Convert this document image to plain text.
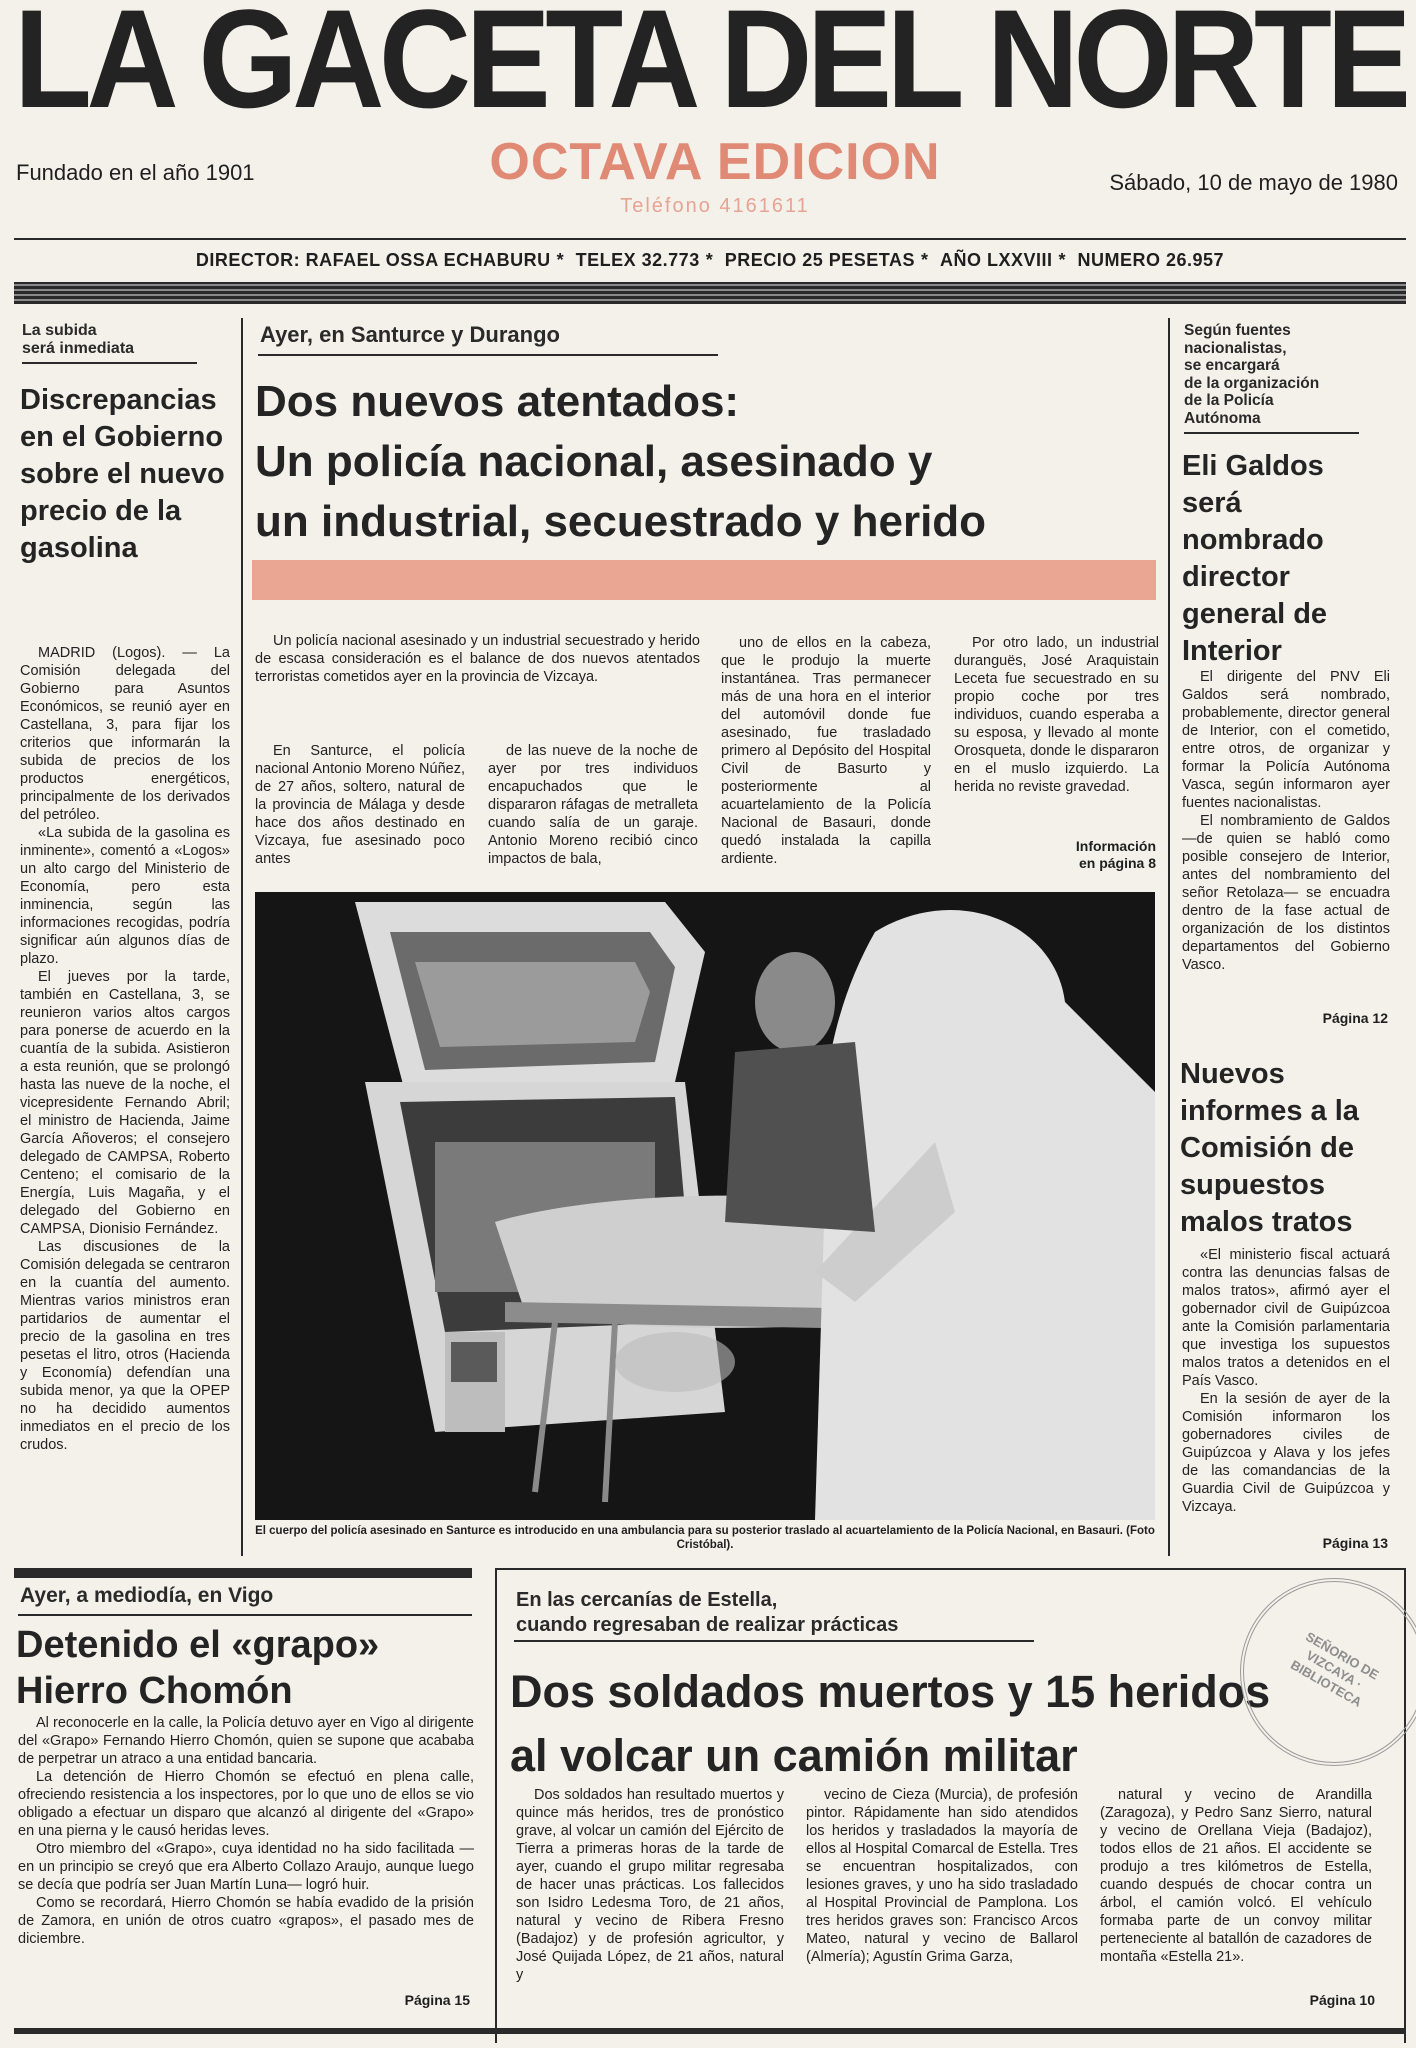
LA GACETA DEL NORTE
Fundado en el año 1901	OCTAVA EDICION
Teléfono 4161611
Sábado, 10 de mayo de 1980
DIRECTOR: RAFAEL OSSA ECHABURU * TELEX 32.773 * PRECIO 25 PESETAS * AÑO LXXVIII * NUMERO 26.957
La subida
será inmediata
Discrepancias en el Gobierno sobre el nuevo precio de la gasolina

MADRID (Logos). — La Comisión delegada del Gobierno para Asuntos Económicos, se reunió ayer en Castellana, 3, para fijar los criterios que informarán la subida de precios de los productos energéticos, principalmente de los derivados del petróleo.

«La subida de la gasolina es inminente», comentó a «Logos» un alto cargo del Ministerio de Economía, pero esta inminencia, según las informaciones recogidas, podría significar aún algunos días de plazo.

El jueves por la tarde, también en Castellana, 3, se reunieron varios altos cargos para ponerse de acuerdo en la cuantía de la subida. Asistieron a esta reunión, que se prolongó hasta las nueve de la noche, el vicepresidente Fernando Abril; el ministro de Hacienda, Jaime García Añoveros; el consejero delegado de CAMPSA, Roberto Centeno; el comisario de la Energía, Luis Magaña, y el delegado del Gobierno en CAMPSA, Dionisio Fernández.

Las discusiones de la Comisión delegada se centraron en la cuantía del aumento. Mientras varios ministros eran partidarios de aumentar el precio de la gasolina en tres pesetas el litro, otros (Hacienda y Economía) defendían una subida menor, ya que la OPEP no ha decidido aumentos inmediatos en el precio de los crudos.

Ayer, en Santurce y Durango
Dos nuevos atentados:
Un policía nacional, asesinado y
un industrial, secuestrado y herido

Un policía nacional asesinado y un industrial secuestrado y herido de escasa consideración es el balance de dos nuevos atentados terroristas cometidos ayer en la provincia de Vizcaya.

En Santurce, el policía nacional Antonio Moreno Núñez, de 27 años, soltero, natural de la provincia de Málaga y desde hace dos años destinado en Vizcaya, fue asesinado poco antes

de las nueve de la noche de ayer por tres individuos encapuchados que le dispararon ráfagas de metralleta cuando salía de un garaje. Antonio Moreno recibió cinco impactos de bala,

uno de ellos en la cabeza, que le produjo la muerte instantánea. Tras permanecer más de una hora en el interior del automóvil donde fue asesinado, fue trasladado primero al Depósito del Hospital Civil de Basurto y posteriormente al acuartelamiento de la Policía Nacional de Basauri, donde quedó instalada la capilla ardiente.

Por otro lado, un industrial duranguës, José Araquistain Leceta fue secuestrado en su propio coche por tres individuos, cuando esperaba a su esposa, y llevado al monte Orosqueta, donde le dispararon en el muslo izquierdo. La herida no reviste gravedad.

Información
en página 8
El cuerpo del policía asesinado en Santurce es introducido en una ambulancia para su posterior traslado al acuartelamiento de la Policía Nacional, en Basauri. (Foto Cristóbal).
Según fuentes
nacionalistas,
se encargará
de la organización
de la Policía
Autónoma
Eli Galdos será nombrado director general de Interior

El dirigente del PNV Eli Galdos será nombrado, probablemente, director general de Interior, con el cometido, entre otros, de organizar y formar la Policía Autónoma Vasca, según informaron ayer fuentes nacionalistas.

El nombramiento de Galdos —de quien se habló como posible consejero de Interior, antes del nombramiento del señor Retolaza— se encuadra dentro de la fase actual de organización de los distintos departamentos del Gobierno Vasco.

Página 12
Nuevos informes a la Comisión de supuestos malos tratos

«El ministerio fiscal actuará contra las denuncias falsas de malos tratos», afirmó ayer el gobernador civil de Guipúzcoa ante la Comisión parlamentaria que investiga los supuestos malos tratos a detenidos en el País Vasco.

En la sesión de ayer de la Comisión informaron los gobernadores civiles de Guipúzcoa y Alava y los jefes de las comandancias de la Guardia Civil de Guipúzcoa y Vizcaya.

Página 13
Ayer, a mediodía, en Vigo
Detenido el «grapo» Hierro Chomón

Al reconocerle en la calle, la Policía detuvo ayer en Vigo al dirigente del «Grapo» Fernando Hierro Chomón, quien se supone que acababa de perpetrar un atraco a una entidad bancaria.

La detención de Hierro Chomón se efectuó en plena calle, ofreciendo resistencia a los inspectores, por lo que uno de ellos se vio obligado a efectuar un disparo que alcanzó al dirigente del «Grapo» en una pierna y le causó heridas leves.

Otro miembro del «Grapo», cuya identidad no ha sido facilitada —en un principio se creyó que era Alberto Collazo Araujo, aunque luego se decía que podría ser Juan Martín Luna— logró huir.

Como se recordará, Hierro Chomón se había evadido de la prisión de Zamora, en unión de otros cuatro «grapos», el pasado mes de diciembre.

Página 15
En las cercanías de Estella,
cuando regresaban de realizar prácticas
Dos soldados muertos y 15 heridos
al volcar un camión militar

Dos soldados han resultado muertos y quince más heridos, tres de pronóstico grave, al volcar un camión del Ejército de Tierra a primeras horas de la tarde de ayer, cuando el grupo militar regresaba de hacer unas prácticas. Los fallecidos son Isidro Ledesma Toro, de 21 años, natural y vecino de Ribera Fresno (Badajoz) y de profesión agricultor, y José Quijada López, de 21 años, natural y

vecino de Cieza (Murcia), de profesión pintor. Rápidamente han sido atendidos los heridos y trasladados la mayoría de ellos al Hospital Comarcal de Estella. Tres se encuentran hospitalizados, con lesiones graves, y uno ha sido trasladado al Hospital Provincial de Pamplona. Los tres heridos graves son: Francisco Arcos Mateo, natural y vecino de Ballarol (Almería); Agustín Grima Garza,

natural y vecino de Arandilla (Zaragoza), y Pedro Sanz Sierro, natural y vecino de Orellana Vieja (Badajoz), todos ellos de 21 años. El accidente se produjo a tres kilómetros de Estella, cuando después de chocar contra un árbol, el camión volcó. El vehículo formaba parte de un convoy militar perteneciente al batallón de cazadores de montaña «Estella 21».

Página 10
SEÑORIO DE VIZCAYA · BIBLIOTECA
